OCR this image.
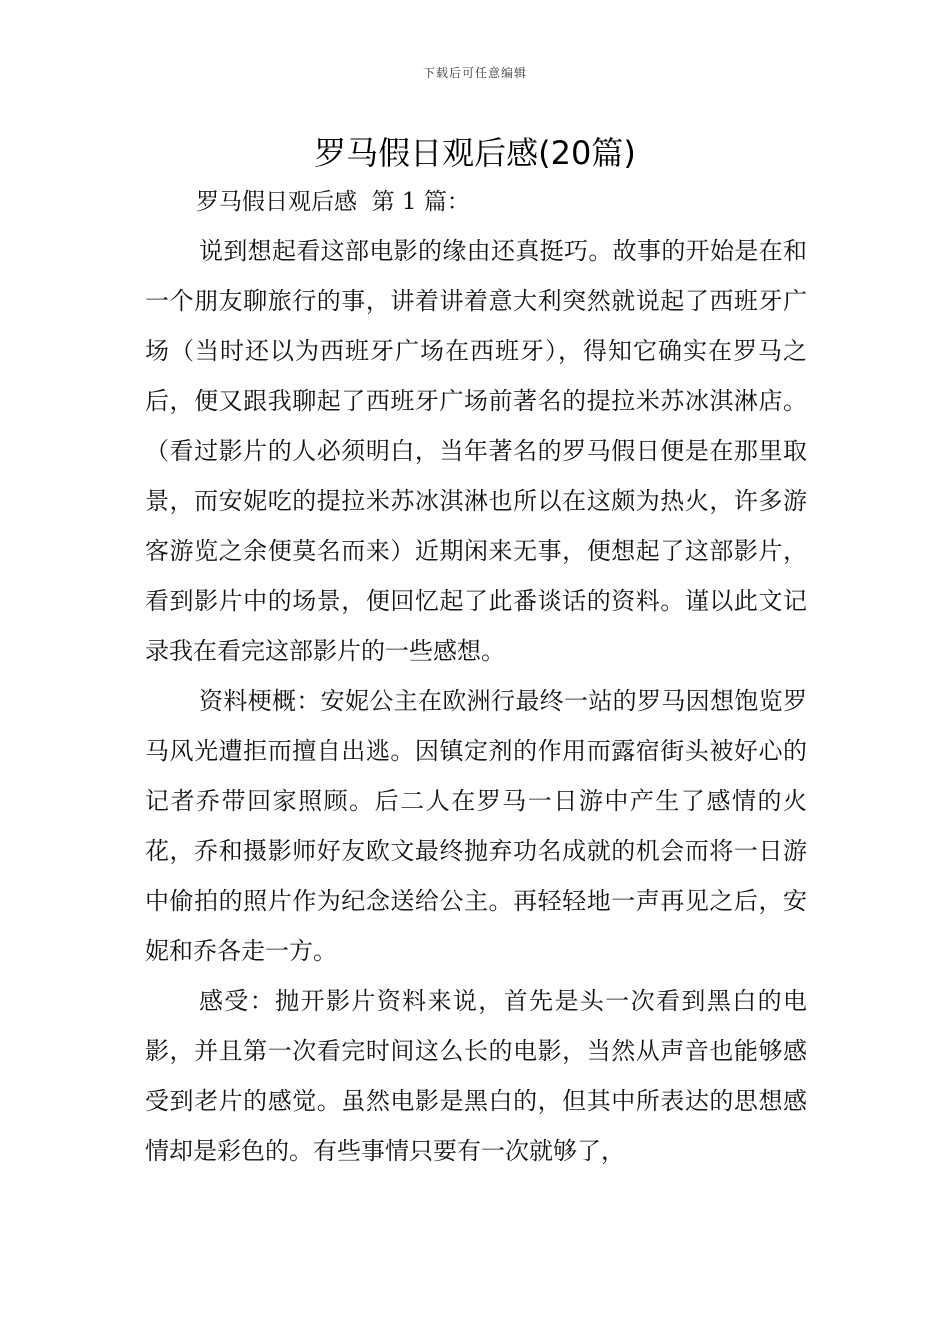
下载后可任意编辑
罗马假日观后感(20篇)
罗马假日观后感  第 1 篇：

说到想起看这部电影的缘由还真挺巧。故事的开始是在和一个朋友聊旅行的事，讲着讲着意大利突然就说起了西班牙广场（当时还以为西班牙广场在西班牙），得知它确实在罗马之后，便又跟我聊起了西班牙广场前著名的提拉米苏冰淇淋店。（看过影片的人必须明白，当年著名的罗马假日便是在那里取景，而安妮吃的提拉米苏冰淇淋也所以在这颇为热火，许多游客游览之余便莫名而来）近期闲来无事，便想起了这部影片，看到影片中的场景，便回忆起了此番谈话的资料。谨以此文记录我在看完这部影片的一些感想。

资料梗概：安妮公主在欧洲行最终一站的罗马因想饱览罗马风光遭拒而擅自出逃。因镇定剂的作用而露宿街头被好心的记者乔带回家照顾。后二人在罗马一日游中产生了感情的火花，乔和摄影师好友欧文最终抛弃功名成就的机会而将一日游中偷拍的照片作为纪念送给公主。再轻轻地一声再见之后，安妮和乔各走一方。

感受：抛开影片资料来说，首先是头一次看到黑白的电影，并且第一次看完时间这么长的电影，当然从声音也能够感受到老片的感觉。虽然电影是黑白的，但其中所表达的思想感情却是彩色的。有些事情只要有一次就够了，
